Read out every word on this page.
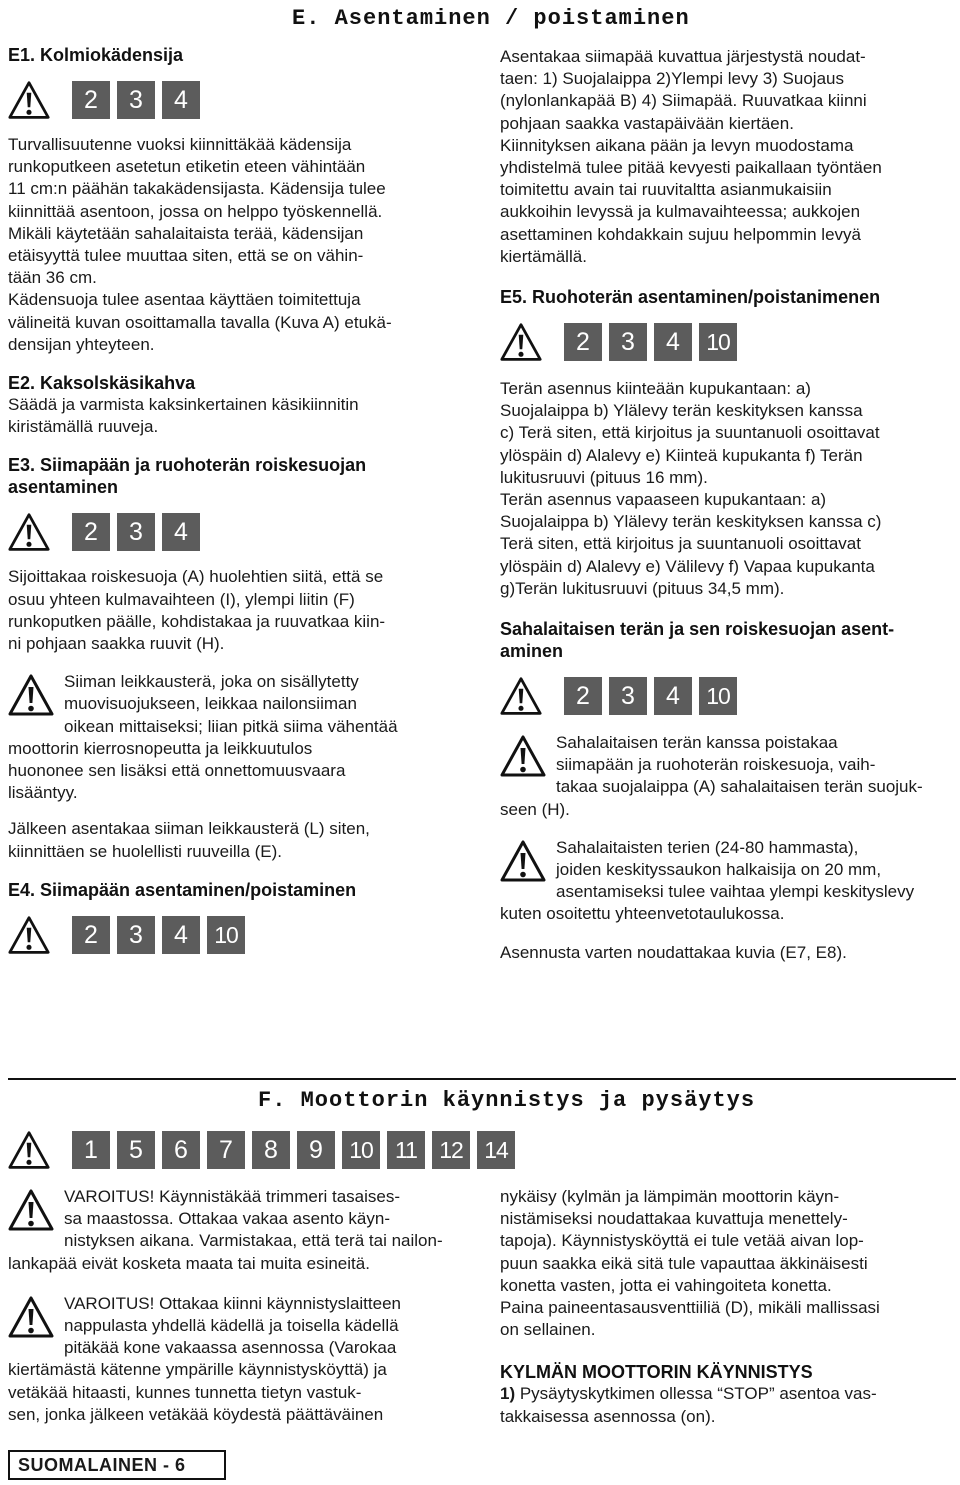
E. Asentaminen / poistaminen
E1. Kolmiokädensija
2	3	4
Turvallisuutenne vuoksi kiinnittäkää kädensija
runkoputkeen asetetun etiketin eteen vähintään
11 cm:n päähän takakädensijasta. Kädensija tulee
kiinnittää asentoon, jossa on helppo työskennellä.
Mikäli käytetään sahalaitaista terää, kädensijan
etäisyyttä tulee muuttaa siten, että se on vähin-
tään 36 cm.
Kädensuoja tulee asentaa käyttäen toimitettuja
välineitä kuvan osoittamalla tavalla (Kuva A) etukä-
densijan yhteyteen.
E2. Kaksolskäsikahva
Säädä ja varmista kaksinkertainen käsikiinnitin
kiristämällä ruuveja.
E3. Siimapään ja ruohoterän roiskesuojan
asentaminen
2	3	4
Sijoittakaa roiskesuoja (A) huolehtien siitä, että se
osuu yhteen kulmavaihteen (I), ylempi liitin (F)
runkoputken päälle, kohdistakaa ja ruuvatkaa kiin-
ni pohjaan saakka ruuvit (H).
Siiman leikkausterä, joka on sisällytetty
muovisuojukseen, leikkaa nailonsiiman
oikean mittaiseksi; liian pitkä siima vähentää
moottorin kierrosnopeutta ja leikkuutulos
huononee sen lisäksi että onnettomuusvaara
lisääntyy.
Jälkeen asentakaa siiman leikkausterä (L) siten,
kiinnittäen se huolellisti ruuveilla (E).
E4. Siimapään asentaminen/poistaminen
2	3	4	10
Asentakaa siimapää kuvattua järjestystä noudat-
taen: 1) Suojalaippa 2)Ylempi levy 3) Suojaus
(nylonlankapää B) 4) Siimapää. Ruuvatkaa kiinni
pohjaan saakka vastapäivään kiertäen.
Kiinnityksen aikana pään ja levyn muodostama
yhdistelmä tulee pitää kevyesti paikallaan työntäen
toimitettu avain tai ruuvitaltta asianmukaisiin
aukkoihin levyssä ja kulmavaihteessa; aukkojen
asettaminen kohdakkain sujuu helpommin levyä
kiertämällä.
E5. Ruohoterän asentaminen/poistanimenen
2	3	4	10
Terän asennus kiinteään kupukantaan: a)
Suojalaippa b) Ylälevy terän keskityksen kanssa
c) Terä siten, että kirjoitus ja suuntanuoli osoittavat
ylöspäin d) Alalevy e) Kiinteä kupukanta f) Terän
lukitusruuvi (pituus 16 mm).
Terän asennus vapaaseen kupukantaan: a)
Suojalaippa b) Ylälevy terän keskityksen kanssa c)
Terä siten, että kirjoitus ja suuntanuoli osoittavat
ylöspäin d) Alalevy e) Välilevy f) Vapaa kupukanta
g)Terän lukitusruuvi (pituus 34,5 mm).
Sahalaitaisen terän ja sen roiskesuojan asent-
aminen
2	3	4	10
Sahalaitaisen terän kanssa poistakaa
siimapään ja ruohoterän roiskesuoja, vaih-
takaa suojalaippa (A) sahalaitaisen terän suojuk-
seen (H).
Sahalaitaisten terien (24-80 hammasta),
joiden keskityssaukon halkaisija on 20 mm,
asentamiseksi tulee vaihtaa ylempi keskityslevy
kuten osoitettu yhteenvetotaulukossa.
Asennusta varten noudattakaa kuvia (E7, E8).
F. Moottorin käynnistys ja pysäytys
1	5	6	7	8	9	10 11 12 14
VAROITUS! Käynnistäkää trimmeri tasaises-
sa maastossa. Ottakaa vakaa asento käyn-
nistyksen aikana. Varmistakaa, että terä tai nailon-
lankapää eivät kosketa maata tai muita esineitä.
VAROITUS! Ottakaa kiinni käynnistyslaitteen
nappulasta yhdellä kädellä ja toisella kädellä
pitäkää kone vakaassa asennossa (Varokaa
kiertämästä kätenne ympärille käynnistysköyttä) ja
vetäkää hitaasti, kunnes tunnetta tietyn vastuk-
sen, jonka jälkeen vetäkää köydestä päättäväinen
nykäisy (kylmän ja lämpimän moottorin käyn-
nistämiseksi noudattakaa kuvattuja menettely-
tapoja). Käynnistysköyttä ei tule vetää aivan lop-
puun saakka eikä sitä tule vapauttaa äkkinäisesti
konetta vasten, jotta ei vahingoiteta konetta.
Paina paineentasausventtiiliä (D), mikäli mallissasi
on sellainen.
KYLMÄN MOOTTORIN KÄYNNISTYS
1) Pysäytyskytkimen ollessa “STOP” asentoa vas-
takkaisessa asennossa (on).
SUOMALAINEN - 6
